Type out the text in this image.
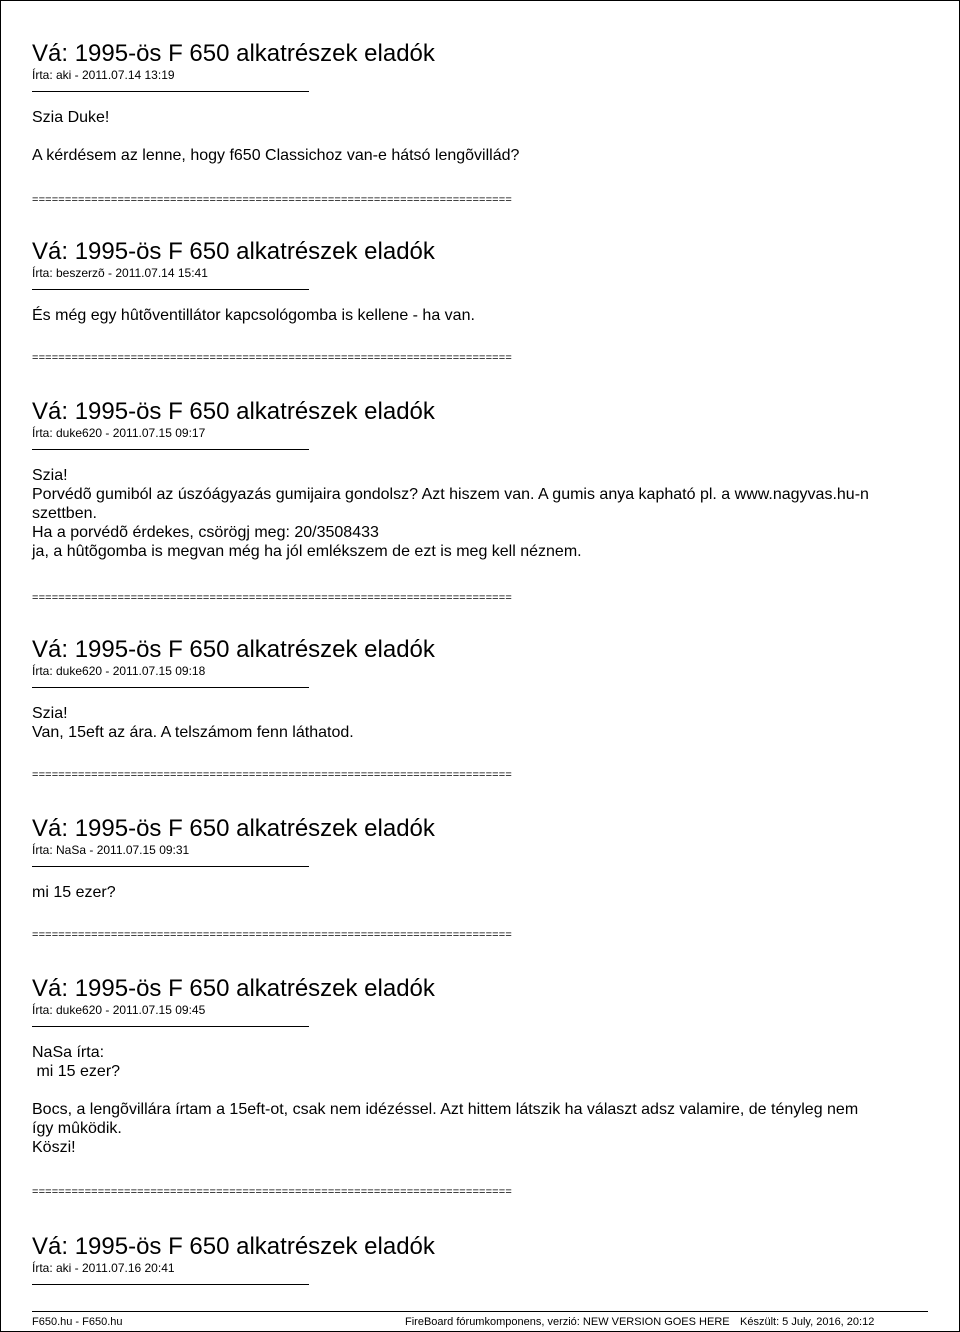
Vá: 1995-ös F 650 alkatrészek eladók
Írta: aki - 2011.07.14 13:19
Szia Duke!
A kérdésem az lenne, hogy f650 Classichoz van-e hátsó lengõvillád?
=========================================================================
Vá: 1995-ös F 650 alkatrészek eladók
Írta: beszerzõ - 2011.07.14 15:41
És még egy hûtõventillátor kapcsológomba is kellene - ha van.
=========================================================================
Vá: 1995-ös F 650 alkatrészek eladók
Írta: duke620 - 2011.07.15 09:17
Szia!
Porvédõ gumiból az úszóágyazás gumijaira gondolsz? Azt hiszem van. A gumis anya kapható pl. a www.nagyvas.hu-n
szettben.
Ha a porvédõ érdekes, csörögj meg: 20/3508433
ja, a hûtõgomba is megvan még ha jól emlékszem de ezt is meg kell néznem.
=========================================================================
Vá: 1995-ös F 650 alkatrészek eladók
Írta: duke620 - 2011.07.15 09:18
Szia!
Van, 15eft az ára. A telszámom fenn láthatod.
=========================================================================
Vá: 1995-ös F 650 alkatrészek eladók
Írta: NaSa - 2011.07.15 09:31
mi 15 ezer?
=========================================================================
Vá: 1995-ös F 650 alkatrészek eladók
Írta: duke620 - 2011.07.15 09:45
NaSa írta:
mi 15 ezer?
Bocs, a lengõvillára írtam a 15eft-ot, csak nem idézéssel. Azt hittem látszik ha választ adsz valamire, de tényleg nem
így mûködik.
Köszi!
=========================================================================
Vá: 1995-ös F 650 alkatrészek eladók
Írta: aki - 2011.07.16 20:41
F650.hu - F650.hu	FireBoard fórumkomponens, verzió: NEW VERSION GOES HERE Készült: 5 July, 2016, 20:12
